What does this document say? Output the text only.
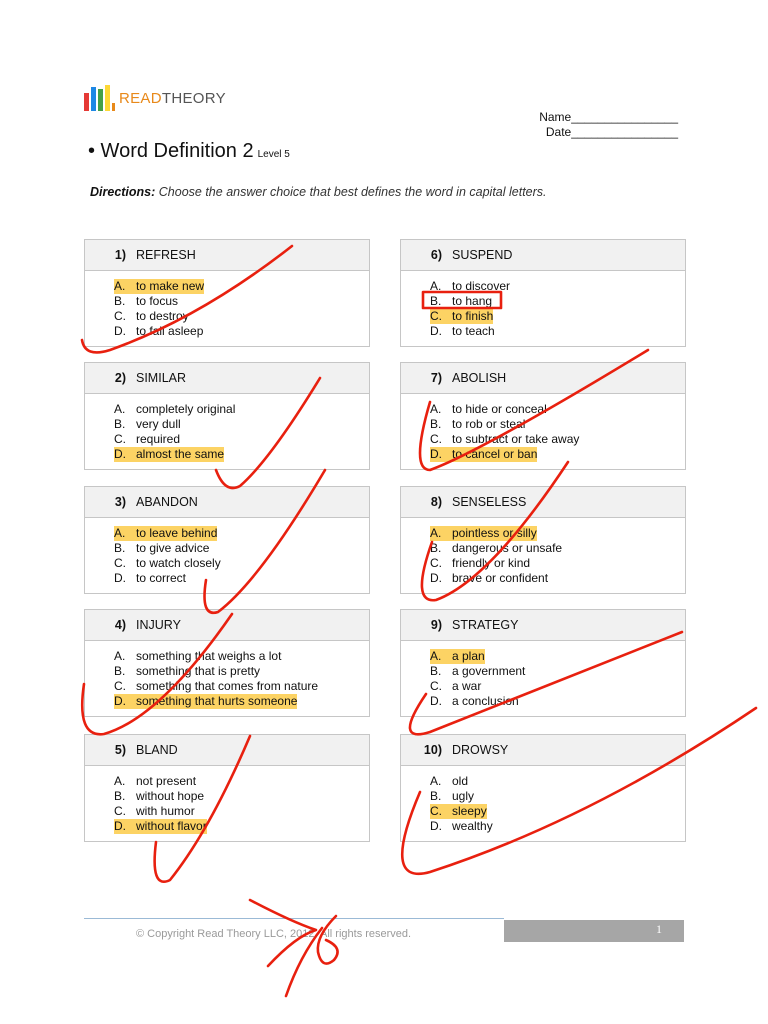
READTHEORY
Name________________
Date________________
• Word Definition 2 Level 5
Directions: Choose the answer choice that best defines the word in capital letters.
1) REFRESH
A. to make new
B. to focus
C. to destroy
D. to fall asleep
2) SIMILAR
A. completely original
B. very dull
C. required
D. almost the same
3) ABANDON
A. to leave behind
B. to give advice
C. to watch closely
D. to correct
4) INJURY
A. something that weighs a lot
B. something that is pretty
C. something that comes from nature
D. something that hurts someone
5) BLAND
A. not present
B. without hope
C. with humor
D. without flavor
6) SUSPEND
A. to discover
B. to hang
C. to finish
D. to teach
7) ABOLISH
A. to hide or conceal
B. to rob or steal
C. to subtract or take away
D. to cancel or ban
8) SENSELESS
A. pointless or silly
B. dangerous or unsafe
C. friendly or kind
D. brave or confident
9) STRATEGY
A. a plan
B. a government
C. a war
D. a conclusion
10) DROWSY
A. old
B. ugly
C. sleepy
D. wealthy
© Copyright Read Theory LLC, 2012. All rights reserved.	1
